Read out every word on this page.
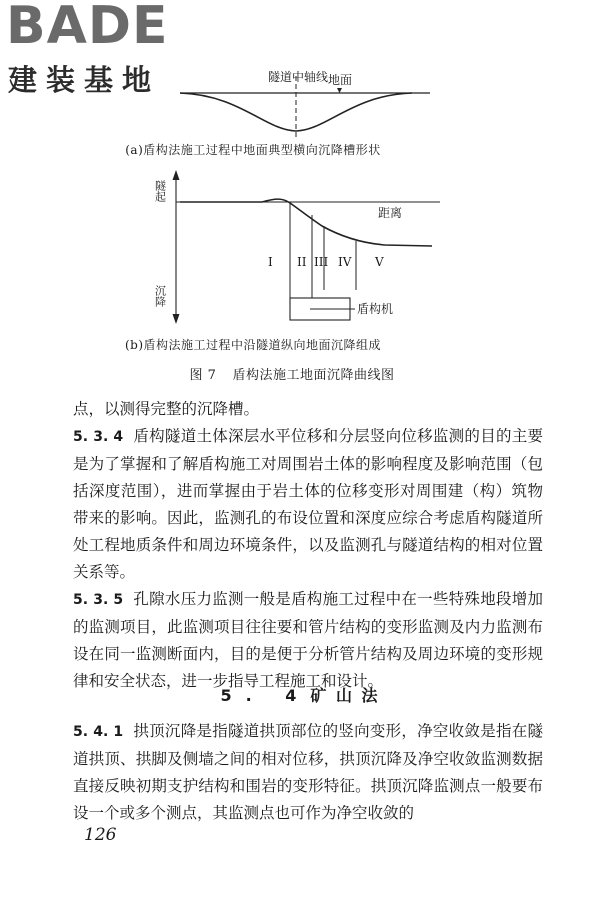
BADE
建装基地	隧道中轴线 地面
距离
盾构机
隧起
沉降
I II III IV V
(a)盾构法施工过程中地面典型横向沉降槽形状
(b)盾构法施工过程中沿隧道纵向地面沉降组成
图 7 盾构法施工地面沉降曲线图

点，以测得完整的沉降槽。

5. 3. 4 盾构隧道土体深层水平位移和分层竖向位移监测的目的主要是为了掌握和了解盾构施工对周围岩土体的影响程度及影响范围（包括深度范围），进而掌握由于岩土体的位移变形对周围建（构）筑物带来的影响。因此，监测孔的布设位置和深度应综合考虑盾构隧道所处工程地质条件和周边环境条件，以及监测孔与隧道结构的相对位置关系等。

5. 3. 5 孔隙水压力监测一般是盾构施工过程中在一些特殊地段增加的监测项目，此监测项目往往要和管片结构的变形监测及内力监测布设在同一监测断面内，目的是便于分析管片结构及周边环境的变形规律和安全状态，进一步指导工程施工和设计。

5. 4矿 山 法

5. 4. 1 拱顶沉降是指隧道拱顶部位的竖向变形，净空收敛是指在隧道拱顶、拱脚及侧墙之间的相对位移，拱顶沉降及净空收敛监测数据直接反映初期支护结构和围岩的变形特征。拱顶沉降监测点一般要布设一个或多个测点，其监测点也可作为净空收敛的

126
